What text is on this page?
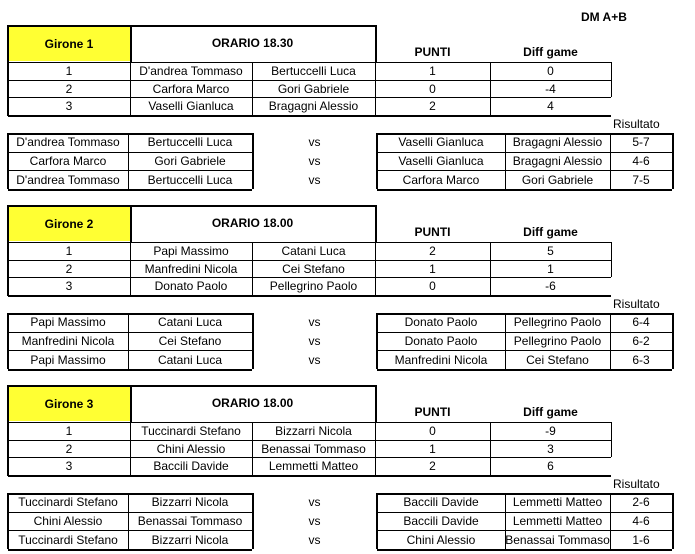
DM A+B
Girone 1	ORARIO 18.30
PUNTI	Diff game
1	D'andrea Tommaso	Bertuccelli Luca	1	0
2	Carfora Marco	Gori Gabriele	0	-4
3	Vaselli Gianluca	Bragagni Alessio	2	4
Risultato
D'andrea Tommaso	Bertuccelli Luca	vs	Vaselli Gianluca	Bragagni Alessio	5-7
Carfora Marco	Gori Gabriele	vs	Vaselli Gianluca	Bragagni Alessio	4-6
D'andrea Tommaso	Bertuccelli Luca	vs	Carfora Marco	Gori Gabriele	7-5
Girone 2	ORARIO 18.00
PUNTI	Diff game
1	Papi Massimo	Catani Luca	2	5
2	Manfredini Nicola	Cei Stefano	1	1
3	Donato Paolo	Pellegrino Paolo	0	-6
Risultato
Papi Massimo	Catani Luca	vs	Donato Paolo	Pellegrino Paolo	6-4
Manfredini Nicola	Cei Stefano	vs	Donato Paolo	Pellegrino Paolo	6-2
Papi Massimo	Catani Luca	vs	Manfredini Nicola	Cei Stefano	6-3
Girone 3	ORARIO 18.00
PUNTI	Diff game
1	Tuccinardi Stefano	Bizzarri Nicola	0	-9
2	Chini Alessio	Benassai Tommaso	1	3
3	Baccili Davide	Lemmetti Matteo	2	6
Risultato
Tuccinardi Stefano	Bizzarri Nicola	vs	Baccili Davide	Lemmetti Matteo	2-6
Chini Alessio	Benassai Tommaso	vs	Baccili Davide	Lemmetti Matteo	4-6
Tuccinardi Stefano	Bizzarri Nicola	vs	Chini Alessio	Benassai Tommaso	1-6
